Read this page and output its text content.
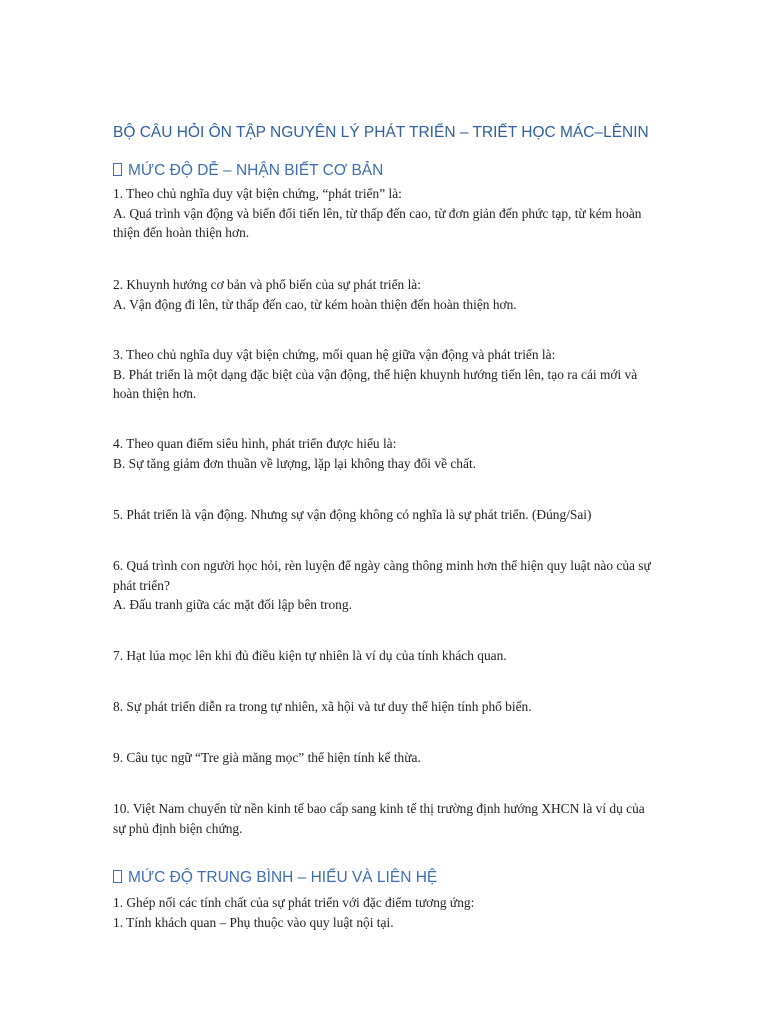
BỘ CÂU HỎI ÔN TẬP NGUYÊN LÝ PHÁT TRIỂN – TRIẾT HỌC MÁC–LÊNIN
MỨC ĐỘ DỄ – NHẬN BIẾT CƠ BẢN

1. Theo chủ nghĩa duy vật biện chứng, “phát triển” là:

A. Quá trình vận động và biến đổi tiến lên, từ thấp đến cao, từ đơn giản đến phức tạp, từ kém hoàn thiện đến hoàn thiện hơn.

2. Khuynh hướng cơ bản và phổ biến của sự phát triển là:

A. Vận động đi lên, từ thấp đến cao, từ kém hoàn thiện đến hoàn thiện hơn.

3. Theo chủ nghĩa duy vật biện chứng, mối quan hệ giữa vận động và phát triển là:

B. Phát triển là một dạng đặc biệt của vận động, thể hiện khuynh hướng tiến lên, tạo ra cái mới và hoàn thiện hơn.

4. Theo quan điểm siêu hình, phát triển được hiểu là:

B. Sự tăng giảm đơn thuần về lượng, lặp lại không thay đổi về chất.

5. Phát triển là vận động. Nhưng sự vận động không có nghĩa là sự phát triển. (Đúng/Sai)

6. Quá trình con người học hỏi, rèn luyện để ngày càng thông minh hơn thể hiện quy luật nào của sự phát triển?

A. Đấu tranh giữa các mặt đối lập bên trong.

7. Hạt lúa mọc lên khi đủ điều kiện tự nhiên là ví dụ của tính khách quan.

8. Sự phát triển diễn ra trong tự nhiên, xã hội và tư duy thể hiện tính phổ biến.

9. Câu tục ngữ “Tre già măng mọc” thể hiện tính kế thừa.

10. Việt Nam chuyển từ nền kinh tế bao cấp sang kinh tế thị trường định hướng XHCN là ví dụ của sự phủ định biện chứng.

MỨC ĐỘ TRUNG BÌNH – HIỂU VÀ LIÊN HỆ

1. Ghép nối các tính chất của sự phát triển với đặc điểm tương ứng:

1. Tính khách quan – Phụ thuộc vào quy luật nội tại.
